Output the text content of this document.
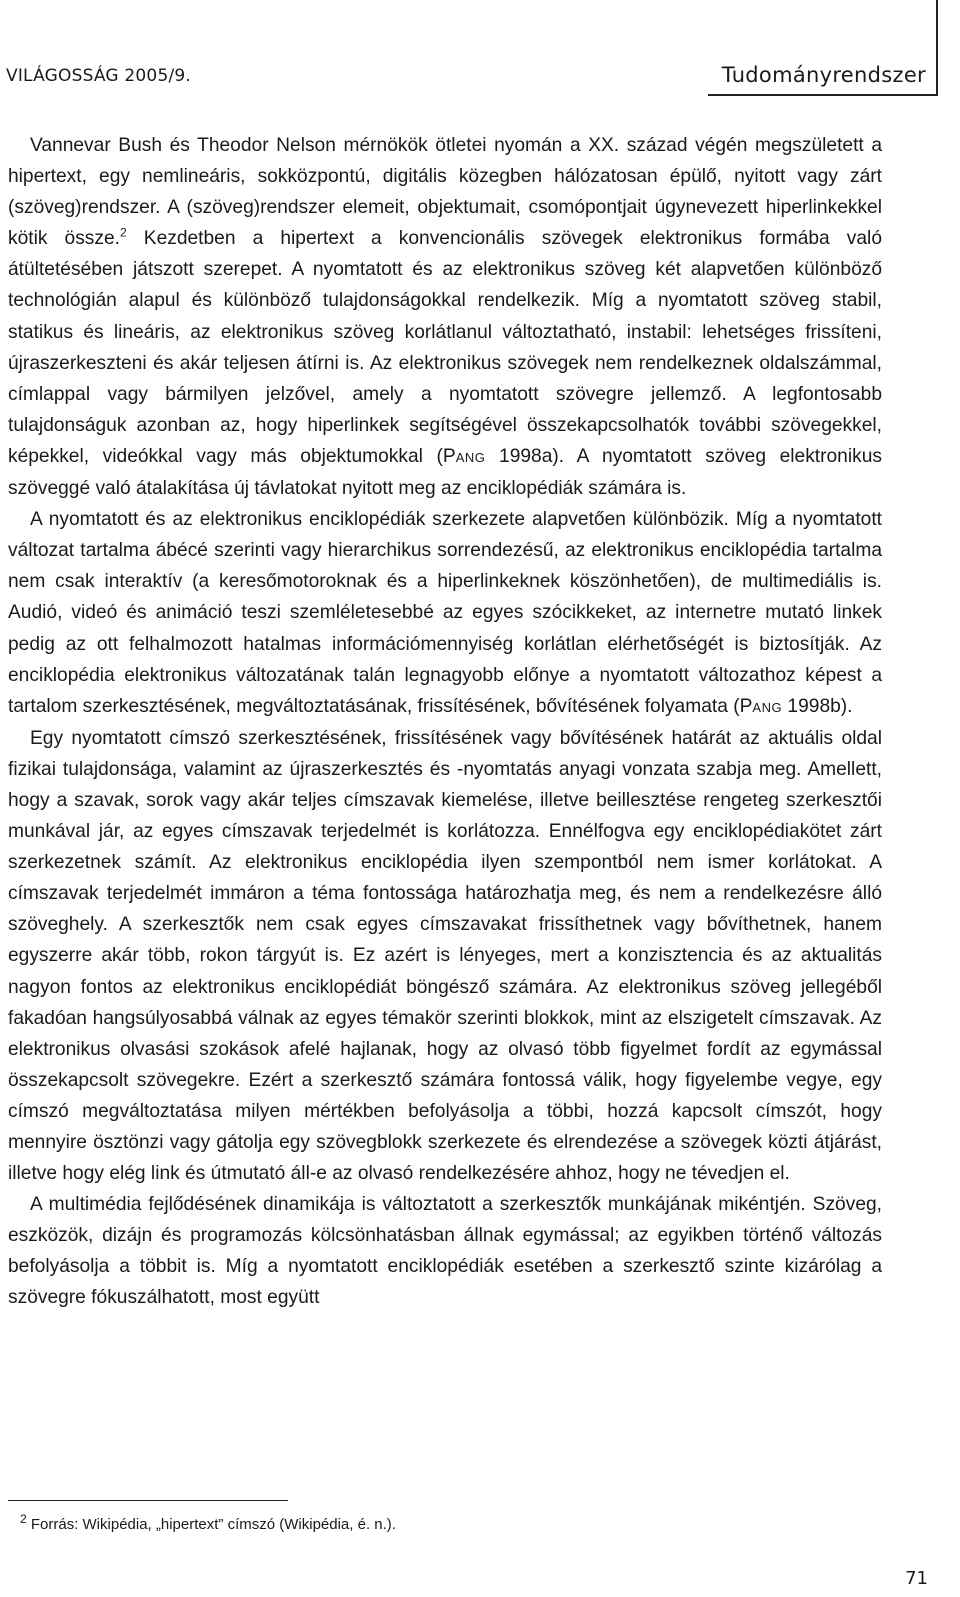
VILÁGOSSÁG 2005/9.	Tudományrendszer

Vannevar Bush és Theodor Nelson mérnökök ötletei nyomán a XX. század végén megszületett a hipertext, egy nemlineáris, sokközpontú, digitális közegben hálózatosan épülő, nyitott vagy zárt (szöveg)rendszer. A (szöveg)rendszer elemeit, objektumait, csomópontjait úgynevezett hiperlinkekkel kötik össze.$^2$ Kezdetben a hipertext a konvencionális szövegek elektronikus formába való átültetésében játszott szerepet. A nyomtatott és az elektronikus szöveg két alapvetően különböző technológián alapul és különböző tulajdonságokkal rendelkezik. Míg a nyomtatott szöveg stabil, statikus és lineáris, az elektronikus szöveg korlátlanul változtatható, instabil: lehetséges frissíteni, újraszerkeszteni és akár teljesen átírni is. Az elektronikus szövegek nem rendelkeznek oldalszámmal, címlappal vagy bármilyen jelzővel, amely a nyomtatott szövegre jellemző. A legfontosabb tulajdonságuk azonban az, hogy hiperlinkek segítségével összekapcsolhatók további szövegekkel, képekkel, videókkal vagy más objektumokkal (PANG 1998a). A nyomtatott szöveg elektronikus szöveggé való átalakítása új távlatokat nyitott meg az enciklopédiák számára is.

A nyomtatott és az elektronikus enciklopédiák szerkezete alapvetően különbözik. Míg a nyomtatott változat tartalma ábécé szerinti vagy hierarchikus sorrendezésű, az elektronikus enciklopédia tartalma nem csak interaktív (a keresőmotoroknak és a hiperlinkeknek köszönhetően), de multimediális is. Audió, videó és animáció teszi szemléletesebbé az egyes szócikkeket, az internetre mutató linkek pedig az ott felhalmozott hatalmas információmennyiség korlátlan elérhetőségét is biztosítják. Az enciklopédia elektronikus változatának talán legnagyobb előnye a nyomtatott változathoz képest a tartalom szerkesztésének, megváltoztatásának, frissítésének, bővítésének folyamata (PANG 1998b).

Egy nyomtatott címszó szerkesztésének, frissítésének vagy bővítésének határát az aktuális oldal fizikai tulajdonsága, valamint az újraszerkesztés és -nyomtatás anyagi vonzata szabja meg. Amellett, hogy a szavak, sorok vagy akár teljes címszavak kiemelése, illetve beillesztése rengeteg szerkesztői munkával jár, az egyes címszavak terjedelmét is korlátozza. Ennélfogva egy enciklopédiakötet zárt szerkezetnek számít. Az elektronikus enciklopédia ilyen szempontból nem ismer korlátokat. A címszavak terjedelmét immáron a téma fontossága határozhatja meg, és nem a rendelkezésre álló szöveghely. A szerkesztők nem csak egyes címszavakat frissíthetnek vagy bővíthetnek, hanem egyszerre akár több, rokon tárgyút is. Ez azért is lényeges, mert a konzisztencia és az aktualitás nagyon fontos az elektronikus enciklopédiát böngésző számára. Az elektronikus szöveg jellegéből fakadóan hangsúlyosabbá válnak az egyes témakör szerinti blokkok, mint az elszigetelt címszavak. Az elektronikus olvasási szokások afelé hajlanak, hogy az olvasó több figyelmet fordít az egymással összekapcsolt szövegekre. Ezért a szerkesztő számára fontossá válik, hogy figyelembe vegye, egy címszó megváltoztatása milyen mértékben befolyásolja a többi, hozzá kapcsolt címszót, hogy mennyire ösztönzi vagy gátolja egy szövegblokk szerkezete és elrendezése a szövegek közti átjárást, illetve hogy elég link és útmutató áll-e az olvasó rendelkezésére ahhoz, hogy ne tévedjen el.

A multimédia fejlődésének dinamikája is változtatott a szerkesztők munkájának mikéntjén. Szöveg, eszközök, dizájn és programozás kölcsönhatásban állnak egymással; az egyikben történő változás befolyásolja a többit is. Míg a nyomtatott enciklopédiák esetében a szerkesztő szinte kizárólag a szövegre fókuszálhatott, most együtt

$^2$ Forrás: Wikipédia, „hipertext” címszó (Wikipédia, é. n.).
71
